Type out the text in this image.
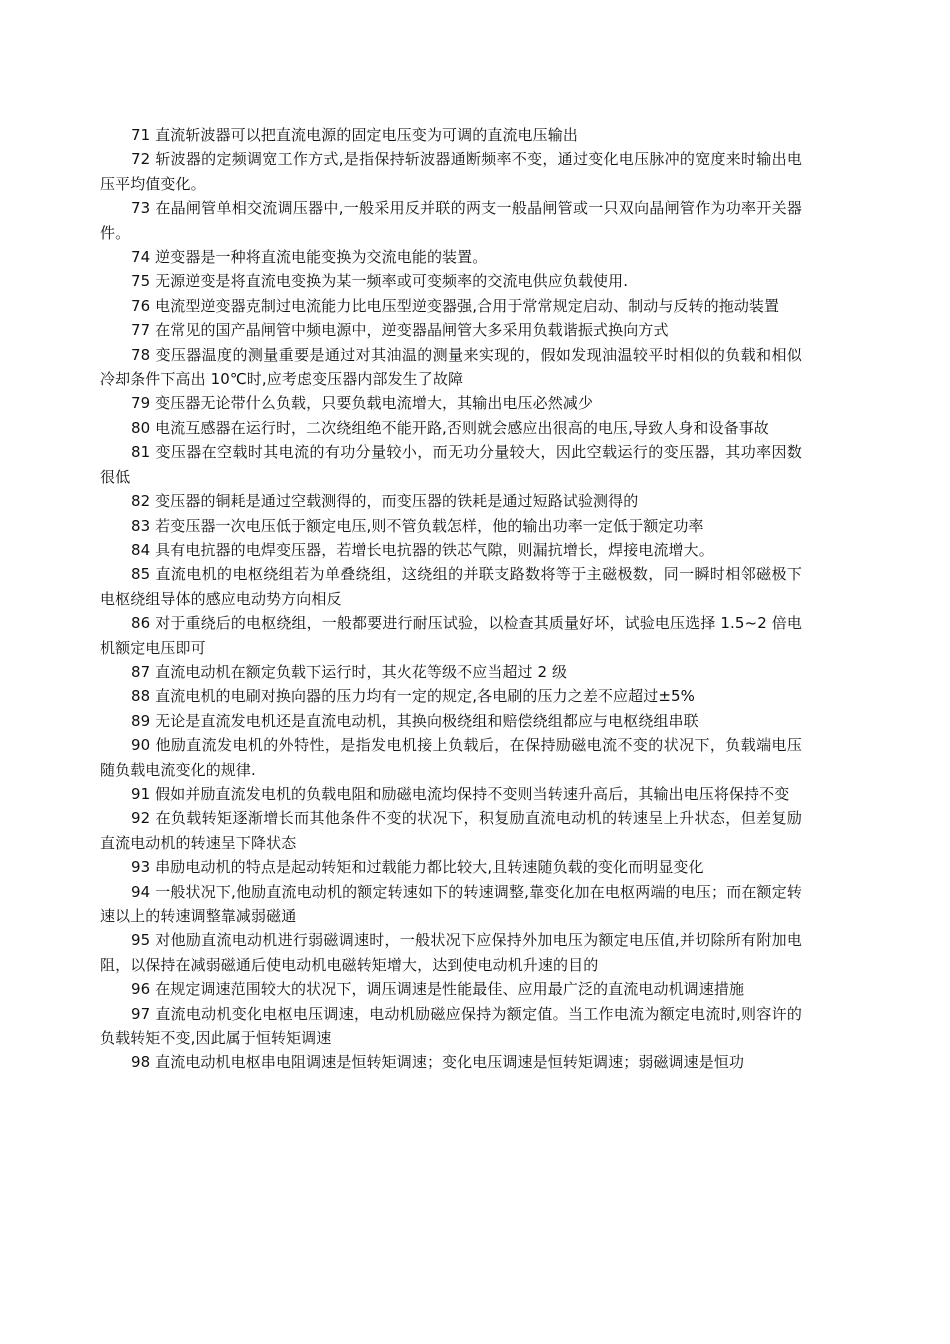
71 直流斩波器可以把直流电源的固定电压变为可调的直流电压输出

72 斩波器的定频调宽工作方式,是指保持斩波器通断频率不变，通过变化电压脉冲的宽度来时输出电压平均值变化。

73 在晶闸管单相交流调压器中,一般采用反并联的两支一般晶闸管或一只双向晶闸管作为功率开关器件。

74 逆变器是一种将直流电能变换为交流电能的装置。

75 无源逆变是将直流电变换为某一频率或可变频率的交流电供应负载使用.

76 电流型逆变器克制过电流能力比电压型逆变器强,合用于常常规定启动、制动与反转的拖动装置

77 在常见的国产晶闸管中频电源中，逆变器晶闸管大多采用负载谐振式换向方式

78 变压器温度的测量重要是通过对其油温的测量来实现的，假如发现油温较平时相似的负载和相似冷却条件下高出 10℃时,应考虑变压器内部发生了故障

79 变压器无论带什么负载，只要负载电流增大，其输出电压必然减少

80 电流互感器在运行时，二次绕组绝不能开路,否则就会感应出很高的电压,导致人身和设备事故

81 变压器在空载时其电流的有功分量较小，而无功分量较大，因此空载运行的变压器，其功率因数很低

82 变压器的铜耗是通过空载测得的，而变压器的铁耗是通过短路试验测得的

83 若变压器一次电压低于额定电压,则不管负载怎样，他的输出功率一定低于额定功率

84 具有电抗器的电焊变压器，若增长电抗器的铁芯气隙，则漏抗增长，焊接电流增大。

85 直流电机的电枢绕组若为单叠绕组，这绕组的并联支路数将等于主磁极数，同一瞬时相邻磁极下电枢绕组导体的感应电动势方向相反

86 对于重绕后的电枢绕组，一般都要进行耐压试验，以检查其质量好坏，试验电压选择 1.5~2 倍电机额定电压即可

87 直流电动机在额定负载下运行时，其火花等级不应当超过 2 级

88 直流电机的电刷对换向器的压力均有一定的规定,各电刷的压力之差不应超过±5%

89 无论是直流发电机还是直流电动机，其换向极绕组和赔偿绕组都应与电枢绕组串联

90 他励直流发电机的外特性，是指发电机接上负载后，在保持励磁电流不变的状况下，负载端电压随负载电流变化的规律.

91 假如并励直流发电机的负载电阻和励磁电流均保持不变则当转速升高后，其输出电压将保持不变

92 在负载转矩逐渐增长而其他条件不变的状况下，积复励直流电动机的转速呈上升状态，但差复励直流电动机的转速呈下降状态

93 串励电动机的特点是起动转矩和过载能力都比较大,且转速随负载的变化而明显变化

94 一般状况下,他励直流电动机的额定转速如下的转速调整,靠变化加在电枢两端的电压；而在额定转速以上的转速调整靠减弱磁通

95 对他励直流电动机进行弱磁调速时，一般状况下应保持外加电压为额定电压值,并切除所有附加电阻，以保持在减弱磁通后使电动机电磁转矩增大，达到使电动机升速的目的

96 在规定调速范围较大的状况下，调压调速是性能最佳、应用最广泛的直流电动机调速措施

97 直流电动机变化电枢电压调速，电动机励磁应保持为额定值。当工作电流为额定电流时,则容许的负载转矩不变,因此属于恒转矩调速

98 直流电动机电枢串电阻调速是恒转矩调速；变化电压调速是恒转矩调速；弱磁调速是恒功
